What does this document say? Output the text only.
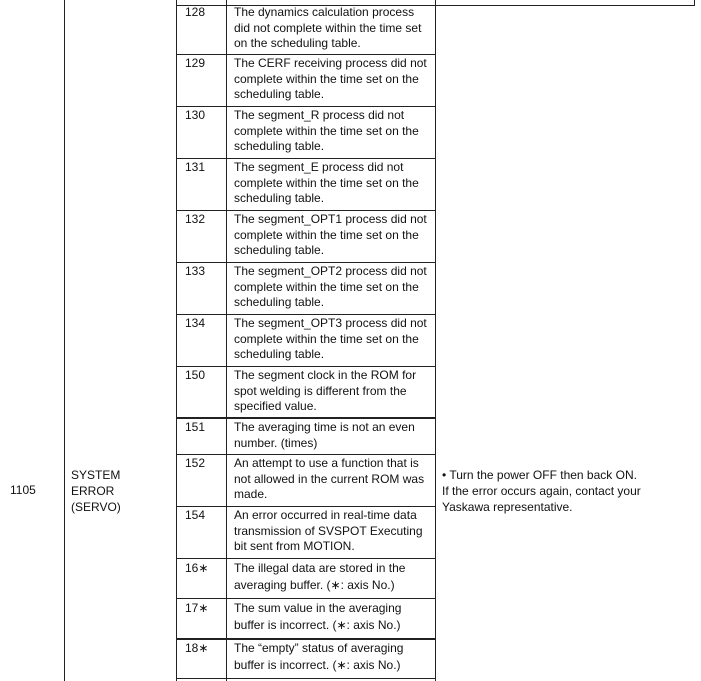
1105
SYSTEM
ERROR
(SERVO)
128	The dynamics calculation process did not complete within the time set on the scheduling table.
129	The CERF receiving process did not complete within the time set on the scheduling table.
130	The segment_R process did not complete within the time set on the scheduling table.
131	The segment_E process did not complete within the time set on the scheduling table.
132	The segment_OPT1 process did not complete within the time set on the scheduling table.
133	The segment_OPT2 process did not complete within the time set on the scheduling table.
134	The segment_OPT3 process did not complete within the time set on the scheduling table.
150	The segment clock in the ROM for spot welding is different from the specified value.
151	The averaging time is not an even number. (times)
152	An attempt to use a function that is not allowed in the current ROM was made.
154	An error occurred in real-time data transmission of SVSPOT Executing bit sent from MOTION.
16∗	The illegal data are stored in the averaging buffer. (∗: axis No.)
17∗	The sum value in the averaging buffer is incorrect. (∗: axis No.)
18∗	The “empty” status of averaging buffer is incorrect. (∗: axis No.)
• Turn the power OFF then back ON.
If the error occurs again, contact your
Yaskawa representative.
